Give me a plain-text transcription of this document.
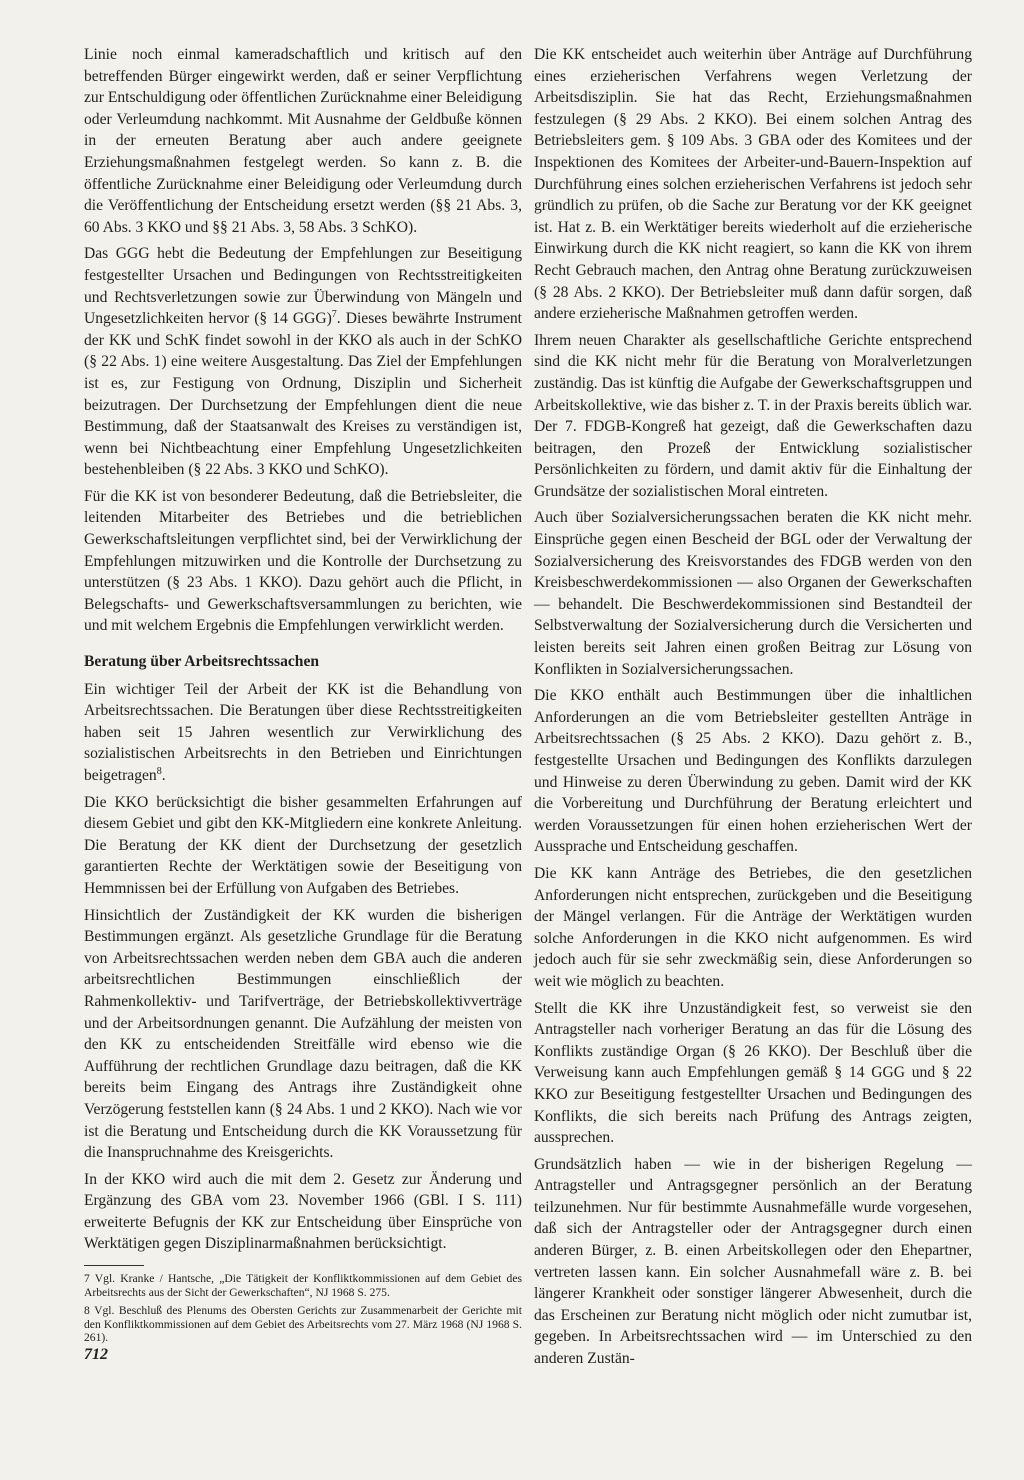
Linie noch einmal kameradschaftlich und kritisch auf den betreffenden Bürger eingewirkt werden, daß er seiner Verpflichtung zur Entschuldigung oder öffentlichen Zurücknahme einer Beleidigung oder Verleumdung nachkommt. Mit Ausnahme der Geldbuße können in der erneuten Beratung aber auch andere geeignete Erziehungsmaßnahmen festgelegt werden. So kann z. B. die öffentliche Zurücknahme einer Beleidigung oder Verleumdung durch die Veröffentlichung der Entscheidung ersetzt werden (§§ 21 Abs. 3, 60 Abs. 3 KKO und §§ 21 Abs. 3, 58 Abs. 3 SchKO).

Das GGG hebt die Bedeutung der Empfehlungen zur Beseitigung festgestellter Ursachen und Bedingungen von Rechtsstreitigkeiten und Rechtsverletzungen sowie zur Überwindung von Mängeln und Ungesetzlichkeiten hervor (§ 14 GGG)$^7$. Dieses bewährte Instrument der KK und SchK findet sowohl in der KKO als auch in der SchKO (§ 22 Abs. 1) eine weitere Ausgestaltung. Das Ziel der Empfehlungen ist es, zur Festigung von Ordnung, Disziplin und Sicherheit beizutragen. Der Durchsetzung der Empfehlungen dient die neue Bestimmung, daß der Staatsanwalt des Kreises zu verständigen ist, wenn bei Nichtbeachtung einer Empfehlung Ungesetzlichkeiten bestehenbleiben (§ 22 Abs. 3 KKO und SchKO).

Für die KK ist von besonderer Bedeutung, daß die Betriebsleiter, die leitenden Mitarbeiter des Betriebes und die betrieblichen Gewerkschaftsleitungen verpflichtet sind, bei der Verwirklichung der Empfehlungen mitzuwirken und die Kontrolle der Durchsetzung zu unterstützen (§ 23 Abs. 1 KKO). Dazu gehört auch die Pflicht, in Belegschafts- und Gewerkschaftsversammlungen zu berichten, wie und mit welchem Ergebnis die Empfehlungen verwirklicht werden.

Beratung über Arbeitsrechtssachen

Ein wichtiger Teil der Arbeit der KK ist die Behandlung von Arbeitsrechtssachen. Die Beratungen über diese Rechtsstreitigkeiten haben seit 15 Jahren wesentlich zur Verwirklichung des sozialistischen Arbeitsrechts in den Betrieben und Einrichtungen beigetragen$^8$.

Die KKO berücksichtigt die bisher gesammelten Erfahrungen auf diesem Gebiet und gibt den KK-Mitgliedern eine konkrete Anleitung. Die Beratung der KK dient der Durchsetzung der gesetzlich garantierten Rechte der Werktätigen sowie der Beseitigung von Hemmnissen bei der Erfüllung von Aufgaben des Betriebes.

Hinsichtlich der Zuständigkeit der KK wurden die bisherigen Bestimmungen ergänzt. Als gesetzliche Grundlage für die Beratung von Arbeitsrechtssachen werden neben dem GBA auch die anderen arbeitsrechtlichen Bestimmungen einschließlich der Rahmenkollektiv- und Tarifverträge, der Betriebskollektivverträge und der Arbeitsordnungen genannt. Die Aufzählung der meisten von den KK zu entscheidenden Streitfälle wird ebenso wie die Aufführung der rechtlichen Grundlage dazu beitragen, daß die KK bereits beim Eingang des Antrags ihre Zuständigkeit ohne Verzögerung feststellen kann (§ 24 Abs. 1 und 2 KKO). Nach wie vor ist die Beratung und Entscheidung durch die KK Voraussetzung für die Inanspruchnahme des Kreisgerichts.

In der KKO wird auch die mit dem 2. Gesetz zur Änderung und Ergänzung des GBA vom 23. November 1966 (GBl. I S. 111) erweiterte Befugnis der KK zur Entscheidung über Einsprüche von Werktätigen gegen Disziplinarmaßnahmen berücksichtigt.

7 Vgl. Kranke / Hantsche, „Die Tätigkeit der Konfliktkommissionen auf dem Gebiet des Arbeitsrechts aus der Sicht der Gewerkschaften“, NJ 1968 S. 275.

8 Vgl. Beschluß des Plenums des Obersten Gerichts zur Zusammenarbeit der Gerichte mit den Konfliktkommissionen auf dem Gebiet des Arbeitsrechts vom 27. März 1968 (NJ 1968 S. 261).

Die KK entscheidet auch weiterhin über Anträge auf Durchführung eines erzieherischen Verfahrens wegen Verletzung der Arbeitsdisziplin. Sie hat das Recht, Erziehungsmaßnahmen festzulegen (§ 29 Abs. 2 KKO). Bei einem solchen Antrag des Betriebsleiters gem. § 109 Abs. 3 GBA oder des Komitees und der Inspektionen des Komitees der Arbeiter-und-Bauern-Inspektion auf Durchführung eines solchen erzieherischen Verfahrens ist jedoch sehr gründlich zu prüfen, ob die Sache zur Beratung vor der KK geeignet ist. Hat z. B. ein Werktätiger bereits wiederholt auf die erzieherische Einwirkung durch die KK nicht reagiert, so kann die KK von ihrem Recht Gebrauch machen, den Antrag ohne Beratung zurückzuweisen (§ 28 Abs. 2 KKO). Der Betriebsleiter muß dann dafür sorgen, daß andere erzieherische Maßnahmen getroffen werden.

Ihrem neuen Charakter als gesellschaftliche Gerichte entsprechend sind die KK nicht mehr für die Beratung von Moralverletzungen zuständig. Das ist künftig die Aufgabe der Gewerkschaftsgruppen und Arbeitskollektive, wie das bisher z. T. in der Praxis bereits üblich war. Der 7. FDGB-Kongreß hat gezeigt, daß die Gewerkschaften dazu beitragen, den Prozeß der Entwicklung sozialistischer Persönlichkeiten zu fördern, und damit aktiv für die Einhaltung der Grundsätze der sozialistischen Moral eintreten.

Auch über Sozialversicherungssachen beraten die KK nicht mehr. Einsprüche gegen einen Bescheid der BGL oder der Verwaltung der Sozialversicherung des Kreisvorstandes des FDGB werden von den Kreisbeschwerdekommissionen — also Organen der Gewerkschaften — behandelt. Die Beschwerdekommissionen sind Bestandteil der Selbstverwaltung der Sozialversicherung durch die Versicherten und leisten bereits seit Jahren einen großen Beitrag zur Lösung von Konflikten in Sozialversicherungssachen.

Die KKO enthält auch Bestimmungen über die inhaltlichen Anforderungen an die vom Betriebsleiter gestellten Anträge in Arbeitsrechtssachen (§ 25 Abs. 2 KKO). Dazu gehört z. B., festgestellte Ursachen und Bedingungen des Konflikts darzulegen und Hinweise zu deren Überwindung zu geben. Damit wird der KK die Vorbereitung und Durchführung der Beratung erleichtert und werden Voraussetzungen für einen hohen erzieherischen Wert der Aussprache und Entscheidung geschaffen.

Die KK kann Anträge des Betriebes, die den gesetzlichen Anforderungen nicht entsprechen, zurückgeben und die Beseitigung der Mängel verlangen. Für die Anträge der Werktätigen wurden solche Anforderungen in die KKO nicht aufgenommen. Es wird jedoch auch für sie sehr zweckmäßig sein, diese Anforderungen so weit wie möglich zu beachten.

Stellt die KK ihre Unzuständigkeit fest, so verweist sie den Antragsteller nach vorheriger Beratung an das für die Lösung des Konflikts zuständige Organ (§ 26 KKO). Der Beschluß über die Verweisung kann auch Empfehlungen gemäß § 14 GGG und § 22 KKO zur Beseitigung festgestellter Ursachen und Bedingungen des Konflikts, die sich bereits nach Prüfung des Antrags zeigten, aussprechen.

Grundsätzlich haben — wie in der bisherigen Regelung — Antragsteller und Antragsgegner persönlich an der Beratung teilzunehmen. Nur für bestimmte Ausnahmefälle wurde vorgesehen, daß sich der Antragsteller oder der Antragsgegner durch einen anderen Bürger, z. B. einen Arbeitskollegen oder den Ehepartner, vertreten lassen kann. Ein solcher Ausnahmefall wäre z. B. bei längerer Krankheit oder sonstiger längerer Abwesenheit, durch die das Erscheinen zur Beratung nicht möglich oder nicht zumutbar ist, gegeben. In Arbeitsrechtssachen wird — im Unterschied zu den anderen Zustän-

712
